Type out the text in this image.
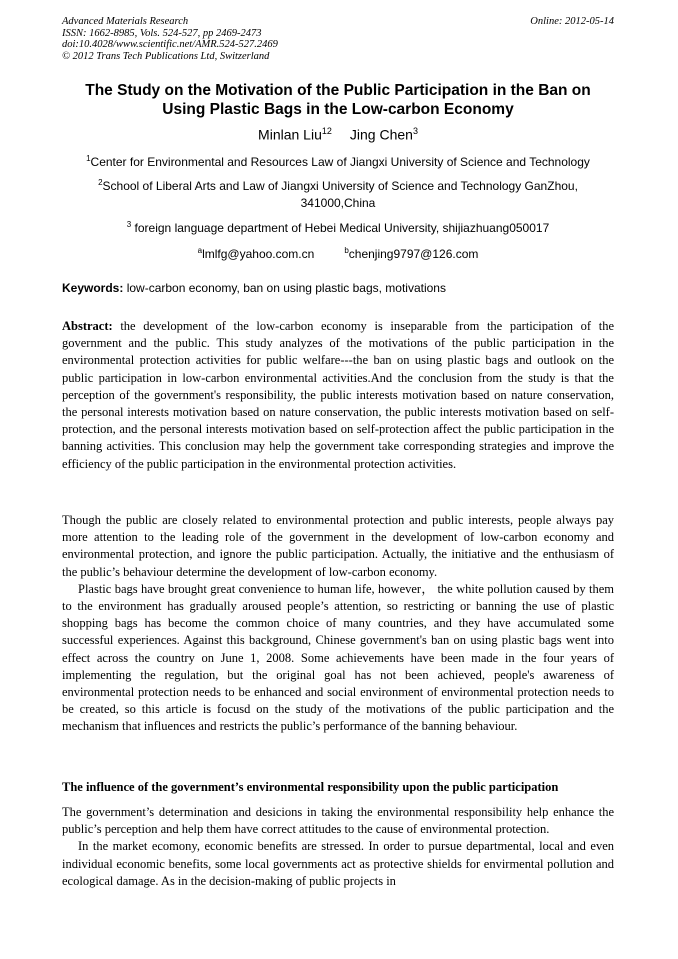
Advanced Materials Research
ISSN: 1662-8985, Vols. 524-527, pp 2469-2473
doi:10.4028/www.scientific.net/AMR.524-527.2469
© 2012 Trans Tech Publications Ltd, Switzerland
Online: 2012-05-14
The Study on the Motivation of the Public Participation in the Ban on
Using Plastic Bags in the Low-carbon Economy
Minlan Liu$^{12}$ Jing Chen$^3$
$^1$Center for Environmental and Resources Law of Jiangxi University of Science and Technology
$^2$School of Liberal Arts and Law of Jiangxi University of Science and Technology GanZhou,
341000,China
$^3$ foreign language department of Hebei Medical University, shijiazhuang050017
$^a$lmlfg@yahoo.com.cn	$^b$chenjing9797@126.com
Keywords: low-carbon economy, ban on using plastic bags, motivations

Abstract: the development of the low-carbon economy is inseparable from the participation of the government and the public. This study analyzes of the motivations of the public participation in the environmental protection activities for public welfare---the ban on using plastic bags and outlook on the public participation in low-carbon environmental activities.And the conclusion from the study is that the perception of the government's responsibility, the public interests motivation based on nature conservation, the personal interests motivation based on nature conservation, the public interests motivation based on self-protection, and the personal interests motivation based on self-protection affect the public participation in the banning activities. This conclusion may help the government take corresponding strategies and improve the efficiency of the public participation in the environmental protection activities.

Though the public are closely related to environmental protection and public interests, people always pay more attention to the leading role of the government in the development of low-carbon economy and environmental protection, and ignore the public participation. Actually, the initiative and the enthusiasm of the public’s behaviour determine the development of low-carbon economy.

Plastic bags have brought great convenience to human life, however， the white pollution caused by them to the environment has gradually aroused people’s attention, so restricting or banning the use of plastic shopping bags has become the common choice of many countries, and they have accumulated some successful experiences. Against this background, Chinese government's ban on using plastic bags went into effect across the country on June 1, 2008. Some achievements have been made in the four years of implementing the regulation, but the original goal has not been achieved, people's awareness of environmental protection needs to be enhanced and social environment of environmental protection needs to be created, so this article is focusd on the study of the motivations of the public participation and the mechanism that influences and restricts the public’s performance of the banning behaviour.

The influence of the government’s environmental responsibility upon the public participation

The government’s determination and desicions in taking the environmental responsibility help enhance the public’s perception and help them have correct attitudes to the cause of environmental protection.

In the market ecomony, economic benefits are stressed. In order to pursue departmental, local and even individual economic benefits, some local governments act as protective shields for envirmental pollution and ecological damage. As in the decision-making of public projects in
